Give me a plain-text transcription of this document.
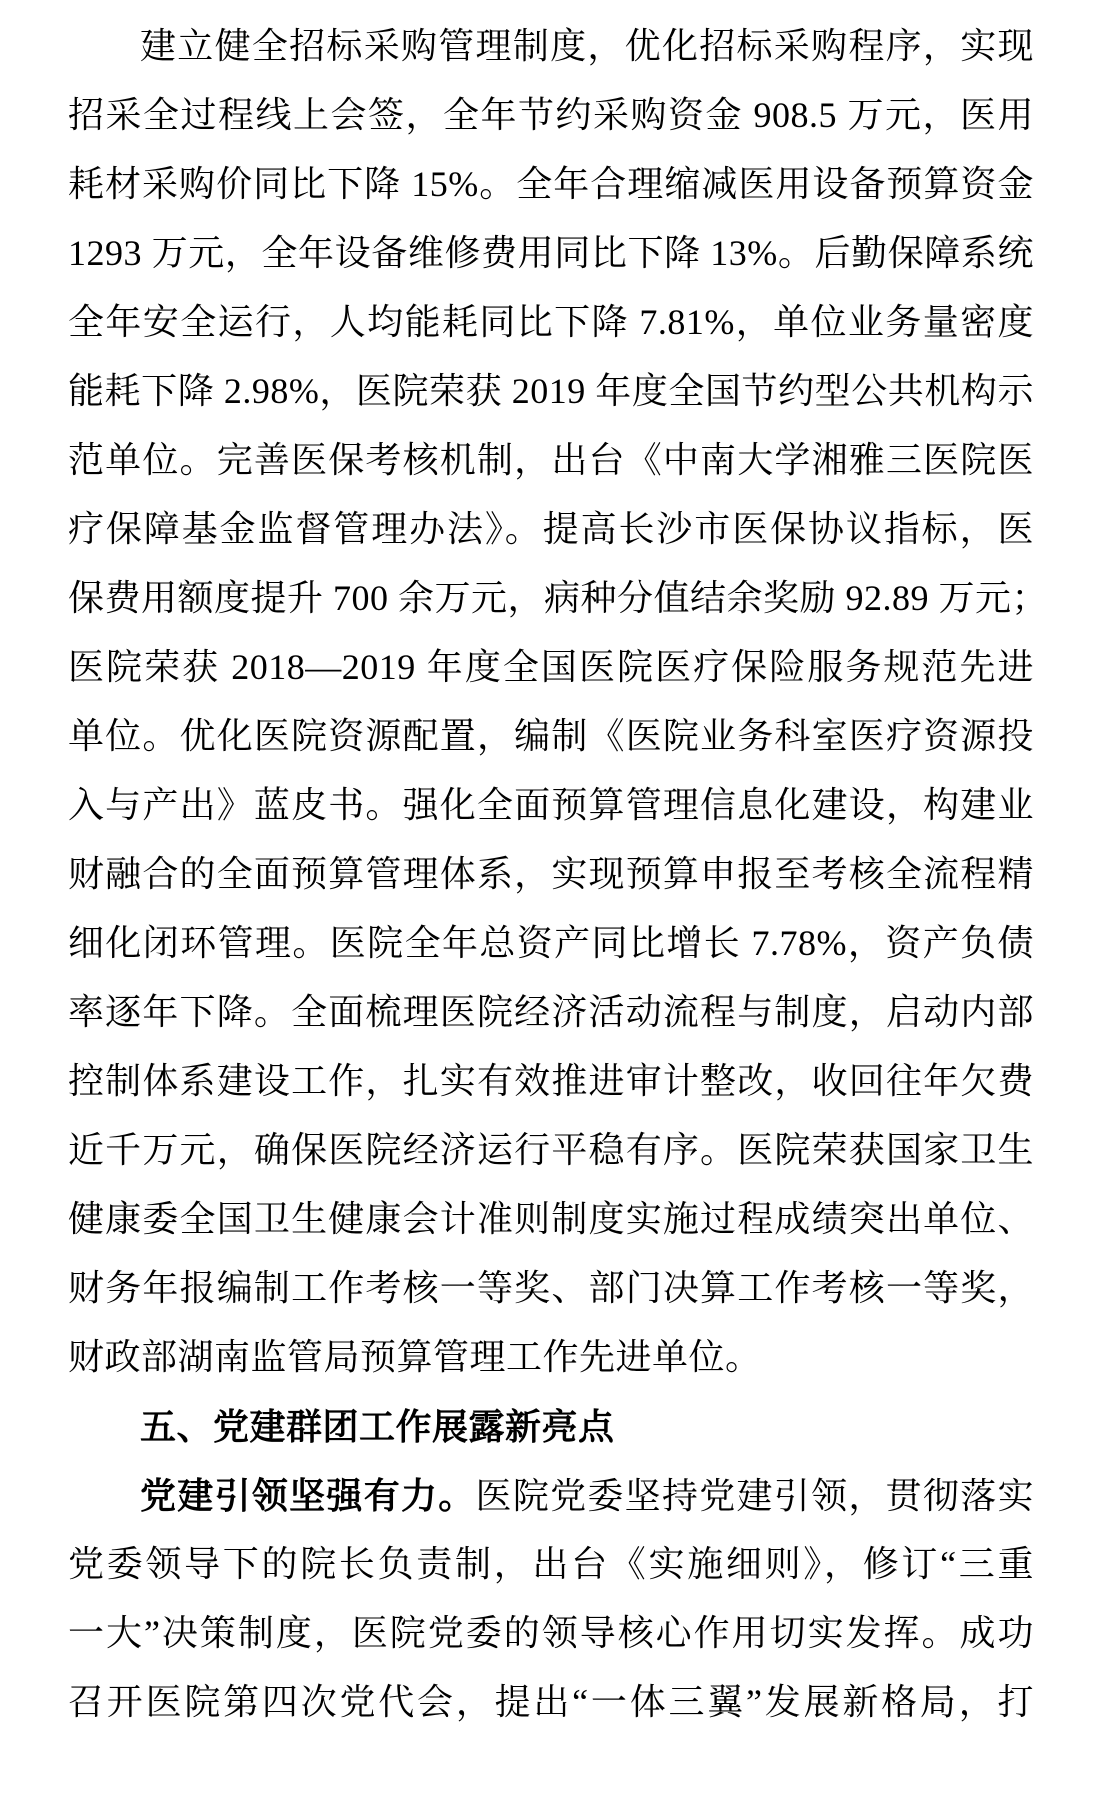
建立健全招标采购管理制度，优化招标采购程序，实现
招采全过程线上会签，全年节约采购资金 908.5 万元，医用
耗材采购价同比下降 15%。全年合理缩减医用设备预算资金
1293 万元，全年设备维修费用同比下降 13%。后勤保障系统
全年安全运行，人均能耗同比下降 7.81%，单位业务量密度
能耗下降 2.98%，医院荣获 2019 年度全国节约型公共机构示
范单位。完善医保考核机制，出台《中南大学湘雅三医院医
疗保障基金监督管理办法》。提高长沙市医保协议指标，医
保费用额度提升 700 余万元，病种分值结余奖励 92.89 万元；
医院荣获 2018—2019 年度全国医院医疗保险服务规范先进
单位。优化医院资源配置，编制《医院业务科室医疗资源投
入与产出》蓝皮书。强化全面预算管理信息化建设，构建业
财融合的全面预算管理体系，实现预算申报至考核全流程精
细化闭环管理。医院全年总资产同比增长 7.78%，资产负债
率逐年下降。全面梳理医院经济活动流程与制度，启动内部
控制体系建设工作，扎实有效推进审计整改，收回往年欠费
近千万元，确保医院经济运行平稳有序。医院荣获国家卫生
健康委全国卫生健康会计准则制度实施过程成绩突出单位、
财务年报编制工作考核一等奖、部门决算工作考核一等奖，
财政部湖南监管局预算管理工作先进单位。
五、党建群团工作展露新亮点
党建引领坚强有力。医院党委坚持党建引领，贯彻落实
党委领导下的院长负责制，出台《实施细则》，修订“三重
一大”决策制度，医院党委的领导核心作用切实发挥。成功
召开医院第四次党代会，提出“一体三翼”发展新格局，打
